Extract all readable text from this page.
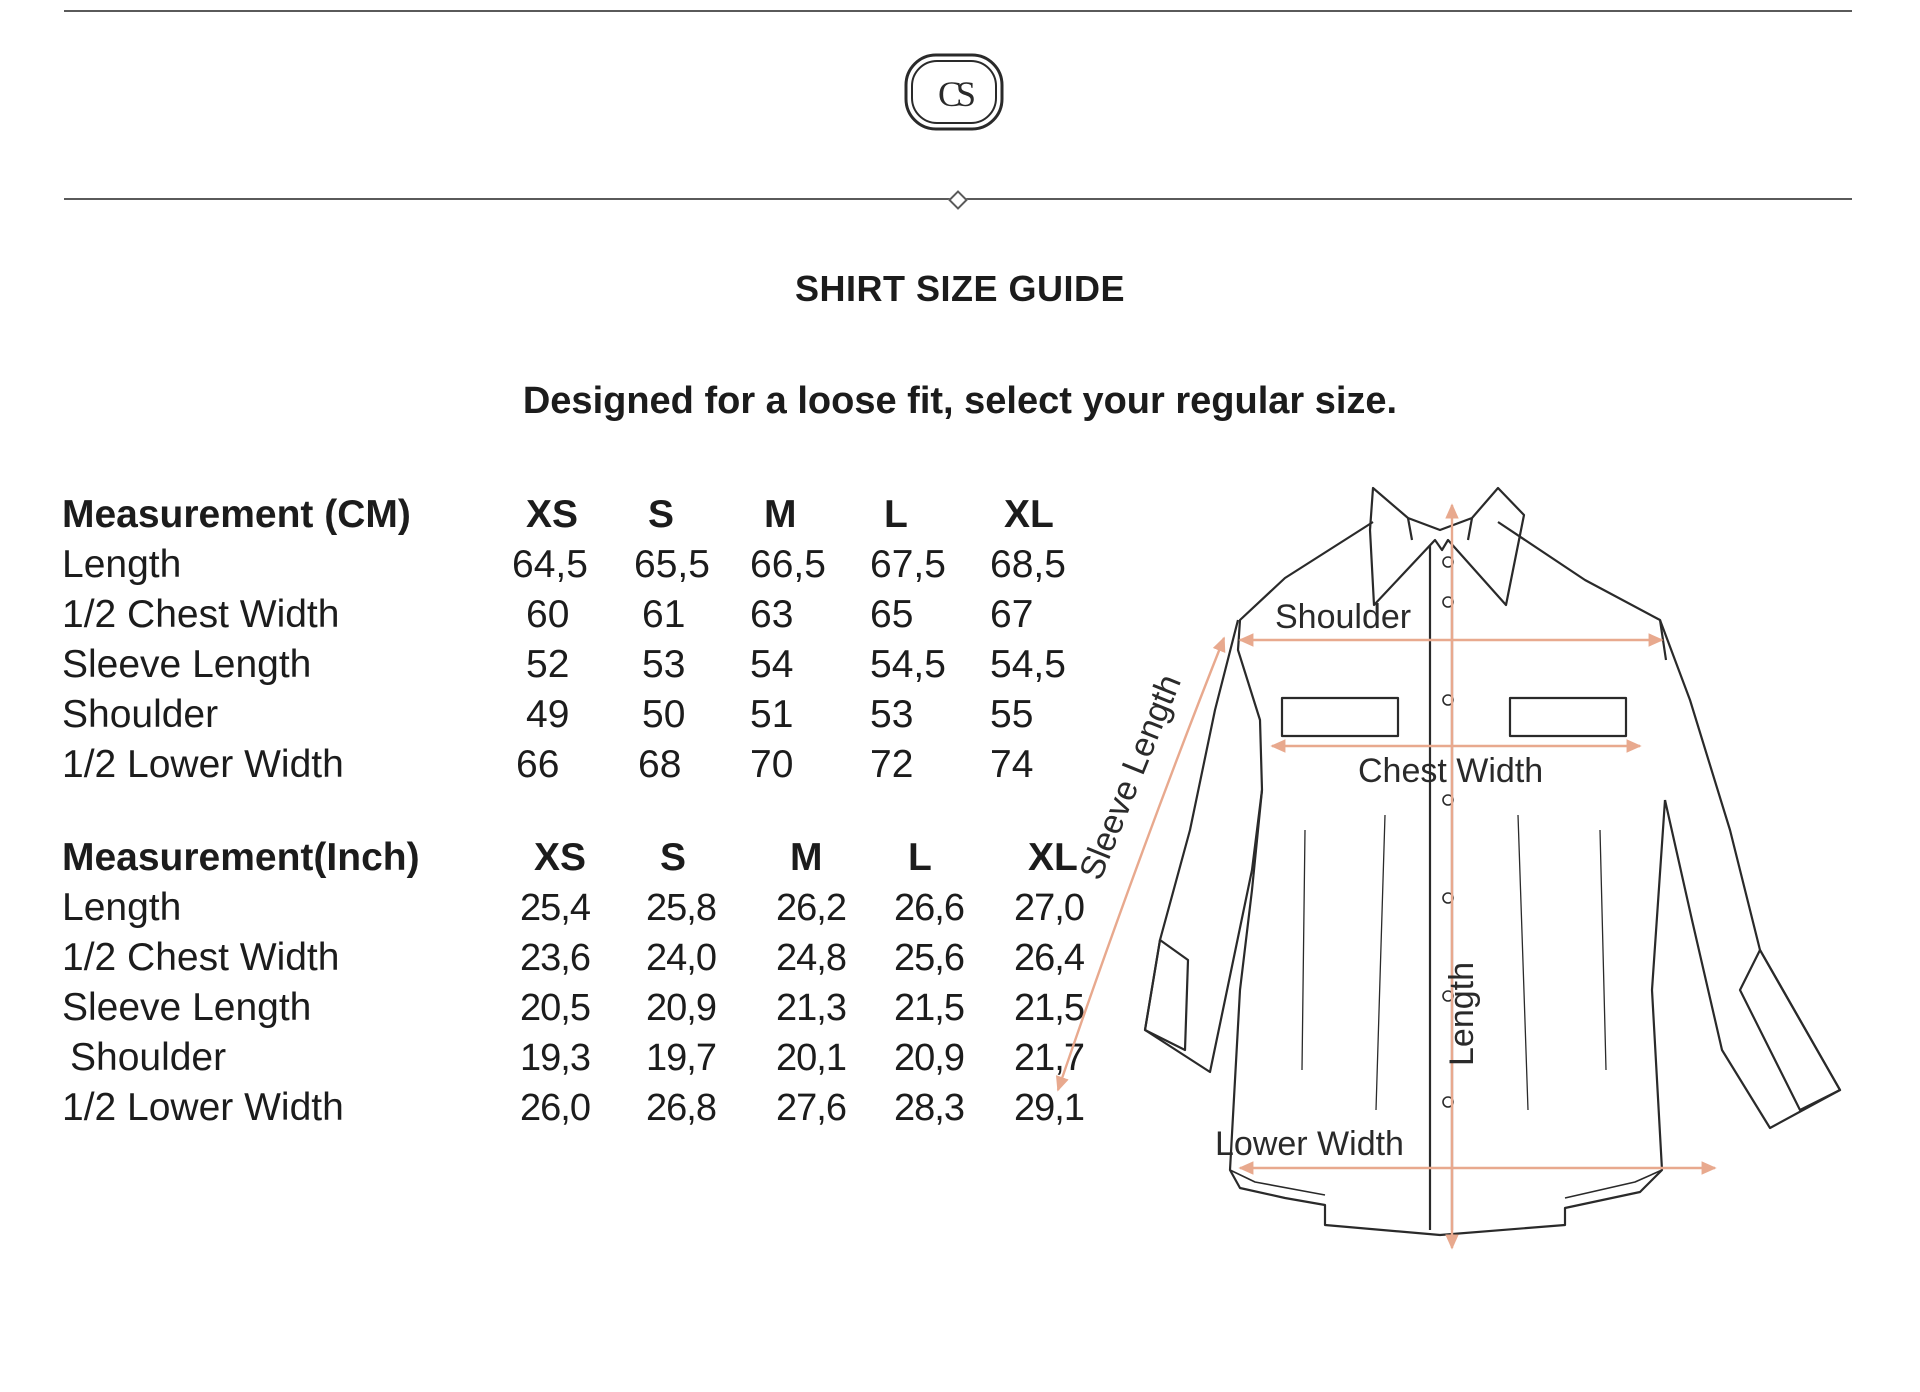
CS
SHIRT SIZE GUIDE
Designed for a loose fit, select your regular size.
Measurement (CM)	XS	S	M	L	XL
Length	64,5	65,5	66,5	67,5	68,5
1/2 Chest Width	60	61	63	65	67
Sleeve Length	52	53	54	54,5	54,5
Shoulder	49	50	51	53	55
1/2 Lower Width	66	68	70	72	74
Measurement(Inch)	XS	S	M	L	XL
Length	25,4	25,8	26,2	26,6	27,0
1/2 Chest Width	23,6	24,0	24,8	25,6	26,4
Sleeve Length	20,5	20,9	21,3	21,5	21,5
Shoulder	19,3	19,7	20,1	20,9	21,7
1/2 Lower Width	26,0	26,8	27,6	28,3	29,1
Shoulder
Chest Width
Sleeve Length
Length
Lower Width
